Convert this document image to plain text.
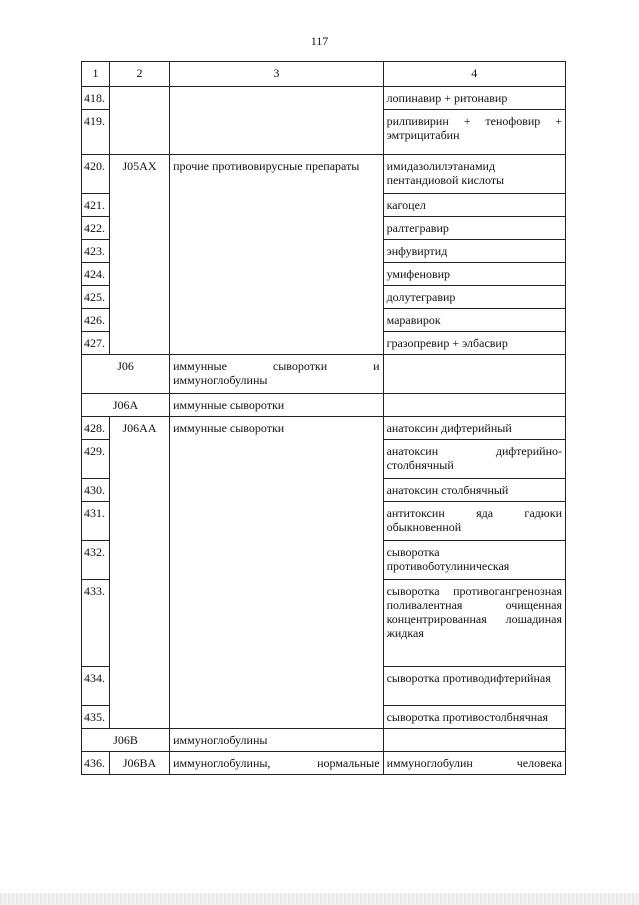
117
1	2	3	4
418.			лопинавир + ритонавир
419.			рилпивирин + тенофовир + эмтрицитабин
420.	J05AX	прочие противовирусные препараты	имидазолилэтанамид пентандиовой кислоты
421.			кагоцел
422.			ралтегравир
423.			энфувиртид
424.			умифеновир
425.			долутегравир
426.			маравирок
427.			гразопревир + элбасвир
J06		иммунные сыворотки и иммуноглобулины	
J06A		иммунные сыворотки	
428.	J06AA	иммунные сыворотки	анатоксин дифтерийный
429.			анатоксин дифтерийно-столбнячный
430.			анатоксин столбнячный
431.			антитоксин яда гадюки обыкновенной
432.			сыворотка противоботулиническая
433.			сыворотка противогангренозная поливалентная очищенная концентрированная лошадиная жидкая
434.			сыворотка противодифтерийная
435.			сыворотка противостолбнячная
J06B		иммуноглобулины	
436.	J06BA	иммуноглобулины, нормальные	иммуноглобулин человека
